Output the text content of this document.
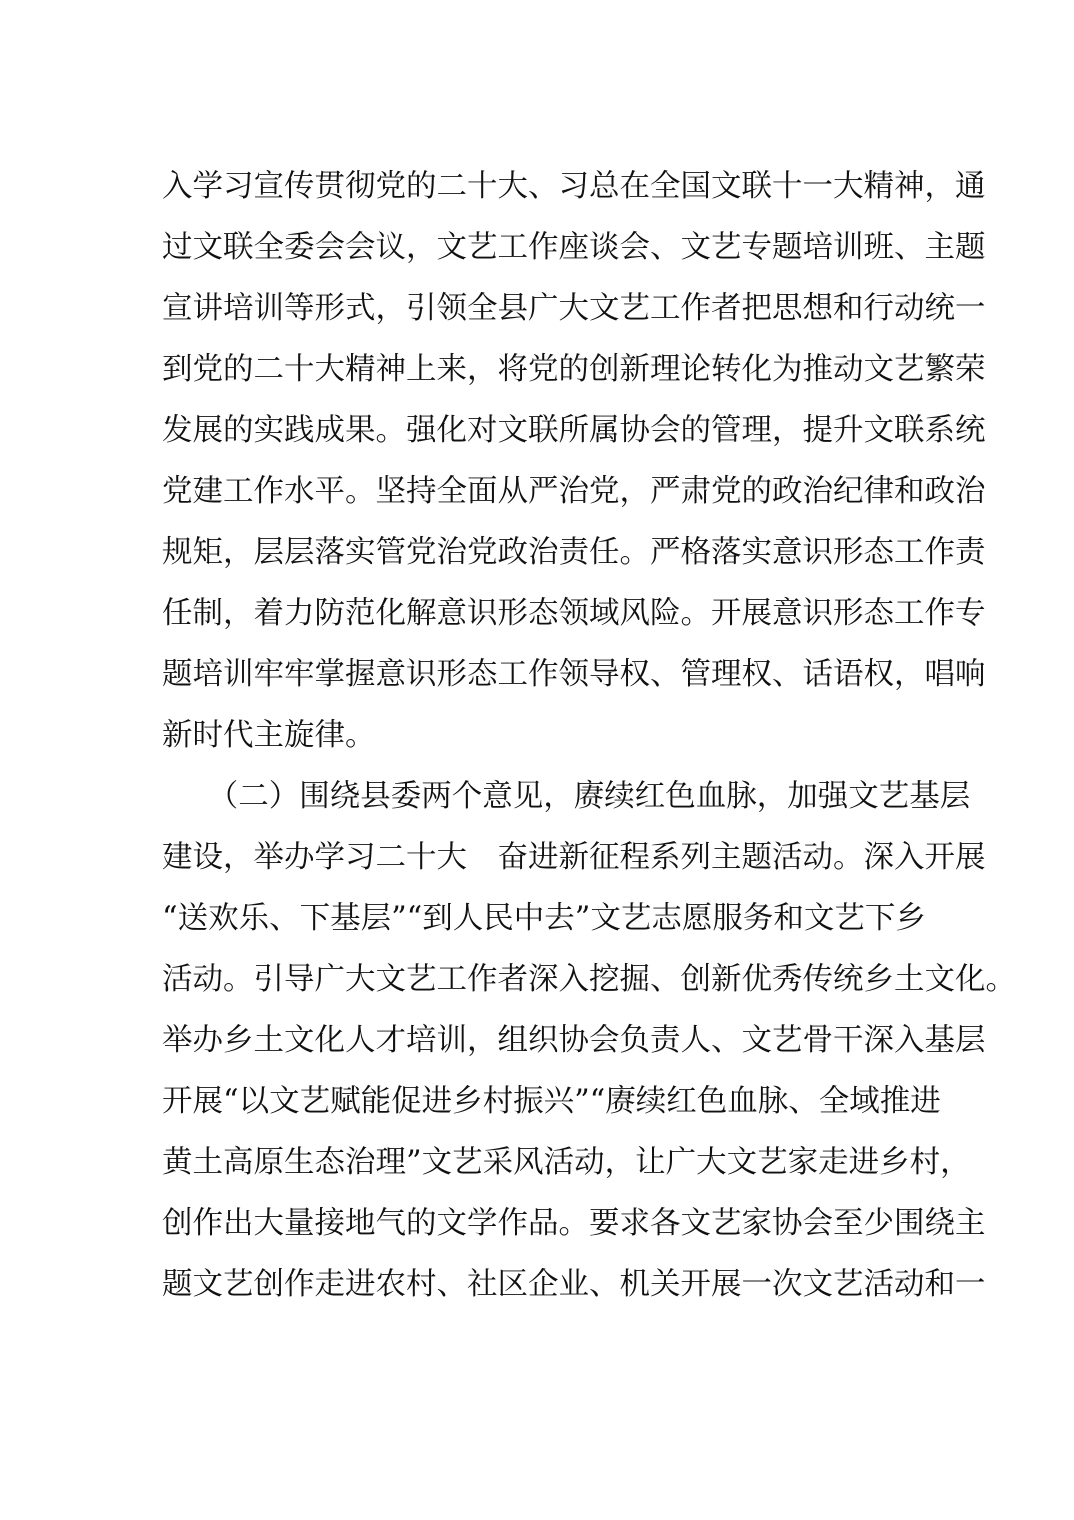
入学习宣传贯彻党的二十大、习总在全国文联十一大精神，通
过文联全委会会议，文艺工作座谈会、文艺专题培训班、主题
宣讲培训等形式，引领全县广大文艺工作者把思想和行动统一
到党的二十大精神上来，将党的创新理论转化为推动文艺繁荣
发展的实践成果。强化对文联所属协会的管理，提升文联系统
党建工作水平。坚持全面从严治党，严肃党的政治纪律和政治
规矩，层层落实管党治党政治责任。严格落实意识形态工作责
任制，着力防范化解意识形态领域风险。开展意识形态工作专
题培训牢牢掌握意识形态工作领导权、管理权、话语权，唱响
新时代主旋律。
　　（二）围绕县委两个意见，赓续红色血脉，加强文艺基层
建设，举办学习二十大　奋进新征程系列主题活动。深入开展
“送欢乐、下基层”“到人民中去”文艺志愿服务和文艺下乡
活动。引导广大文艺工作者深入挖掘、创新优秀传统乡土文化。
举办乡土文化人才培训，组织协会负责人、文艺骨干深入基层
开展“以文艺赋能促进乡村振兴”“赓续红色血脉、全域推进
黄土高原生态治理”文艺采风活动，让广大文艺家走进乡村，
创作出大量接地气的文学作品。要求各文艺家协会至少围绕主
题文艺创作走进农村、社区企业、机关开展一次文艺活动和一
